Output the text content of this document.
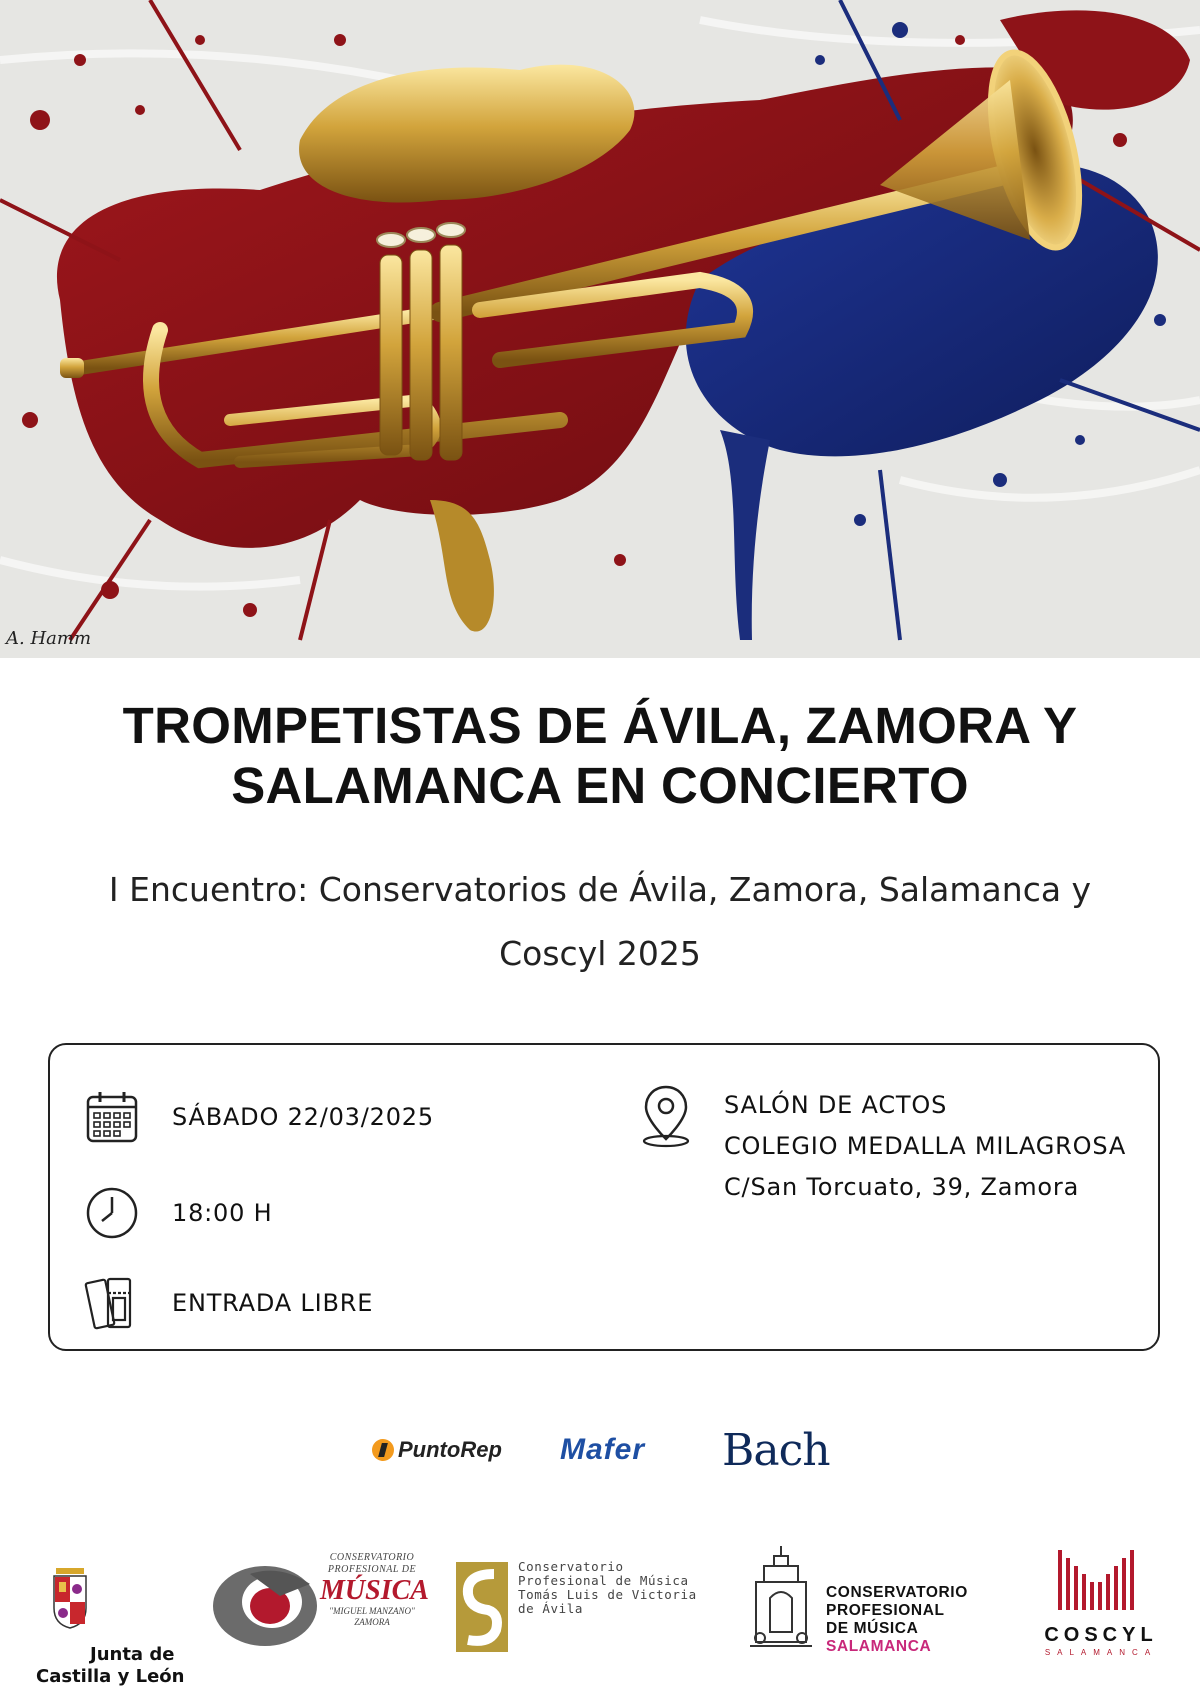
A. Hamm
TROMPETISTAS DE ÁVILA, ZAMORA Y
SALAMANCA EN CONCIERTO
I Encuentro: Conservatorios de Ávila, Zamora, Salamanca y
Coscyl 2025
SÁBADO 22/03/2025
18:00 H
ENTRADA LIBRE
SALÓN DE ACTOS
COLEGIO MEDALLA MILAGROSA
C/San Torcuato, 39, Zamora
PuntoRep Mafer Bach
Junta de
Castilla y León
CONSERVATORIO
PROFESIONAL DE
MÚSICA
"MIGUEL MANZANO"
ZAMORA
Conservatorio
Profesional de Música
Tomás Luis de Victoria
de Ávila
CONSERVATORIO
PROFESIONAL
DE MÚSICA
SALAMANCA
COSCYL
SALAMANCA
